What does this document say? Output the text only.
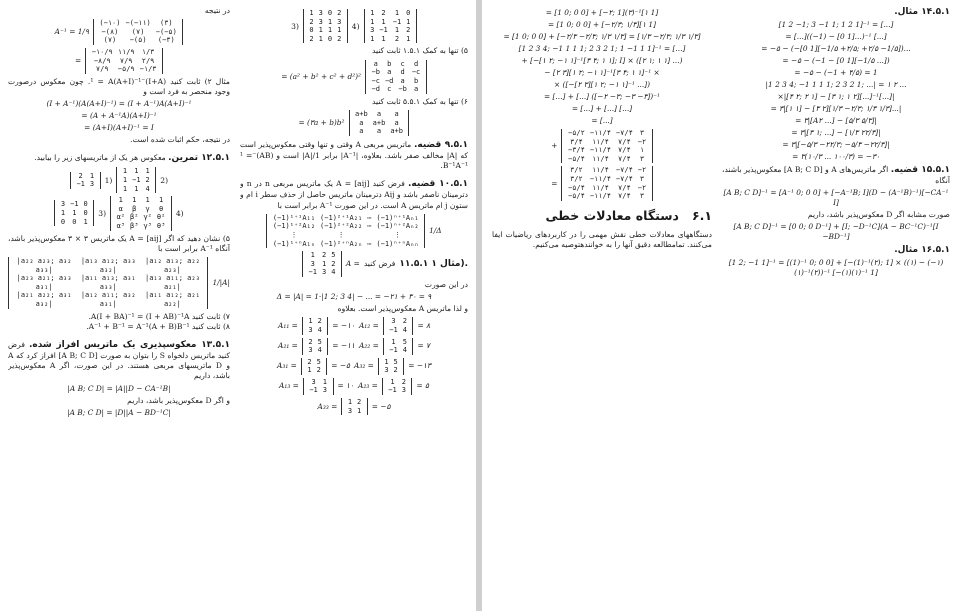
3)
1	3	0	2
2	3	1	3
0	1	1	1
2	1	0	2
4)
1	2	1	0
1	1	−1	1
3	−1	1	2
1	1	2	1

۵) تنها به کمک ۱.۵.۱ ثابت کنید

= (a² + b² + c² + d²)²
a	b	c	d
−b	a	d	−c
−c	−d	a	b
−d	c	−b	a

۶) تنها به کمک ۵.۵.۱ ثابت کنید

= (۳a + b)b²
a+b	a	a
a	a+b	a
a	a	a+b

۹.۵.۱ قضیه. ماتریس مربعی A وقتی و تنها وقتی معکوس‌پذیر است که |A| مخالف صفر باشد. بعلاوه، |A⁻¹| برابر 1/|A| است و (AB)⁻¹ = B⁻¹A⁻¹.

۱۰.۵.۱ قضیه. فرض کنید A = [aij] یک ماتریس مربعی n در n و دترمینان ناصفر باشد و Aij دترمینان ماتریس حاصل از حذف سطر i ام و ستون j ام ماتریس A است. در این صورت A⁻¹ برابر است با

(−1)¹⁺¹A₁₁	(−1)²⁺¹A₂₁	⋯	(−1)ⁿ⁺¹Aₙ₁
(−1)¹⁺²A₁₂	(−1)²⁺²A₂₂	⋯	(−1)ⁿ⁺²Aₙ₂
⋮	⋮		⋮
(−1)¹⁺ⁿA₁ₙ	(−1)²⁺ⁿA₂ₙ	⋯	(−1)ⁿ⁺ⁿAₙₙ
1/Δ
1	2	5
3	1	2
−1	3	4
A = فرض کنید ۱۱.۵.۱ مثال ۱).

در این صورت

Δ = |A| = 1·|1 2; 3 4| − ... = −۲۱ + ۳۰ = ۹

و لذا ماتریس A معکوس‌پذیر است. بعلاوه

A₁₁ = 1	2
3	4 = −۱۰ A₁₂ = 3	2
−1	4 = ۸
A₂₁ = 2	5
3	4 = −۱۱ A₂₂ = 1	5
−1	4 = ۷
A₃₁ = 2	5
1	2 = −۵ A₃₂ = 1	5
3	2 = −۱۳
A₁₃ = 3	1
−1	3 = ۱۰ A₂₃ = 1	2
−1	3 = ۵
A₃₃ = 1	2
3	1 = −۵

در نتیجه

A⁻¹ = 1/۹
(−۱۰)	−(−۱۱)	(۳)
−(۸)	(۷)	−(−۵)
(۷)	−(۵)	(−۳)
=
−۱۰/۹	۱۱/۹	۱/۳
−۸/۹	۷/۹	۲/۹
۷/۹	−۵/۹	−۱/۳

مثال ۲) ثابت کنید (I+A)⁻¹ = A(A+I)⁻¹. چون معکوس درصورت وجود منحصر به فرد است و

(I + A⁻¹)(A(A+I)⁻¹) = (I + A⁻¹)A(A+I)⁻¹

= (A + A⁻¹A)(A+I)⁻¹

= (A+I)(A+I)⁻¹ = I

در نتیجه، حکم اثبات شده است.

۱۲.۵.۱ تمرین. معکوس هر یک از ماتریسهای زیر را بیابید.

2	1
−1	3 1)
1	1	1
1	−1	2
1	1	4
2)
3	−1	0
1	1	0
0	0	1
3)
1	1	1	1
α	β	γ	θ
α²	β²	γ²	θ²
α³	β³	γ³	θ³
4)

۵) نشان دهید که اگر A = [aij] یک ماتریس ۳ × ۳ معکوس‌پذیر باشد، آنگاه A⁻¹ برابر است با

|a₂₂ a₂₃; a₃₂ a₃₃|	|a₁₃ a₁₂; a₃₃ a₃₂|	|a₁₂ a₁₃; a₂₂ a₂₃|
|a₂₃ a₂₁; a₃₃ a₃₁|	|a₁₁ a₁₃; a₃₁ a₃₃|	|a₁₃ a₁₁; a₂₃ a₂₁|
|a₂₁ a₂₂; a₃₁ a₃₂|	|a₁₂ a₁₁; a₃₂ a₃₁|	|a₁₁ a₁₂; a₂₁ a₂₂|
1/|A|

۷) ثابت کنید A(I + BA)⁻¹ = (I + AB)⁻¹A.

۸) ثابت کنید A⁻¹ + B⁻¹ = A⁻¹(A + B)B⁻¹.

۱۳.۵.۱ معکوسپذیری یک ماتریس افراز شده. فرض کنید ماتریس دلخواه S را بتوان به صورت [A B; C D] افراز کرد که A و D ماتریسهای مربعی هستند. در این صورت، اگر A معکوس‌پذیر باشد، داریم

|A B; C D| = |A||D − CA⁻¹B|

و اگر D معکوس‌پذیر باشد، داریم

|A B; C D| = |D||A − BD⁻¹C|

۱۴.۵.۱ مثال.

[1 2 −1; 3 −1 1; 1 2 1]⁻¹ = [...]

= [...]((−1) − [0 1]...)⁻¹ [...]

= −۵ − (−[0 1][−1/۵ +۲/۵; +۲/۵ −1/۵])...

= −۵ − (−1 − [0 1][−1/۵ ...])

= −۵ − (−1 + ۴/۵) = 1

|1 2 3 4; −1 1 1 1; 2 3 2 1; ...| = ۱ ۲ ...

×|[۴ ۲; ۲ ۱] − [۳ ۱; ۱ ۲][...]⁻¹[...]|

= ۳|[۱ ۱] − [۳ ۲][۱/۳ −۲/۳; ۱/۳ ۱/۳]...|

= ۳|[A۲ ...] − [۵/۳ ۵/۳]|

= ۳|[۳ ۱; ...] − [۱/۳ ۲۲/۳]|

= ۳|[−۵/۳ −۲۲/۳; −۵/۳ −۲۲/۳]|

= ۳(۱۰/۳ ... ۱۰۰/۳) = −۳۰

۱۵.۵.۱ قضیه. اگر ماتریس‌های A و [A B; C D] معکوس‌پذیر باشند، آنگاه

[A B; C D]⁻¹ = [A⁻¹ 0; 0 0] + [−A⁻¹B; I](D − (A⁻¹B)⁻¹)[−CA⁻¹ I]

صورت مشابه اگر D معکوس‌پذیر باشد، داریم

[A B; C D]⁻¹ = [0 0; 0 D⁻¹] + [I; −D⁻¹C](A − BC⁻¹C)⁻¹[I −BD⁻¹]

۱۶.۵.۱ مثال.

[1 2; −1 1]⁻¹ = [(1)⁻¹ 0; 0 0] + [−(1)⁻¹(۲); 1] × ((۱) − (−۱)(۱)⁻¹(۲))⁻¹ [−(۱)(۱)⁻¹ 1]

= [1 0; 0 0] + [−۲; 1](۳)⁻¹[۱ 1]

= [1 0; 0 0] + [−۲/۳; ۱/۳][۱ 1]

= [1 0; 0 0] + [−۲/۳ −۲/۳; ۱/۳ ۱/۳] = [۱/۳ −۲/۳; ۱/۳ ۱/۳]

[1 2 3 4; −1 1 1 1; 2 3 2 1; 1 −1 1 1]⁻¹ = [...]

+ [−[۱ ۲; −۱ ۱]⁻¹[۳ ۴; ۱ ۱]; I] × ([۲ ۱; ۱ ۱] ...)

− [۲ ۳][۱ ۲; −۱ ۱]⁻¹[۳ ۴; ۱ ۱]⁻¹ ×

× ([−[۲ ۳][۱ ۲; −۱ ۱]⁻¹ ...])

= [...] + [...] ([−۲ −۳; −۳ −۳])⁻¹

= [...] + [...] [...]

= [...]

+
−۵/۲	−۱۱/۴	−۷/۴	۳
۳/۴	۱۱/۴	۷/۴	−۲
−۳/۴	−۱۱/۴	۷/۴	۱
−۵/۴	۱۱/۴	۷/۴	۳
=
۳/۲	۱۱/۴	−۷/۴	−۲
۳/۲	−۱۱/۴	−۷/۴	۳
−۵/۴	۱۱/۴	۷/۴	−۲
−۵/۴	−۱۱/۴	۷/۴	۳
۶.۱   دستگاه معادلات خطی

دستگاههای معادلات خطی نقش مهمی را در کاربردهای ریاضیات ایفا می‌کنند. تمامطالعه دقیق آنها را به خوانندهتوصیه می‌کنیم.
